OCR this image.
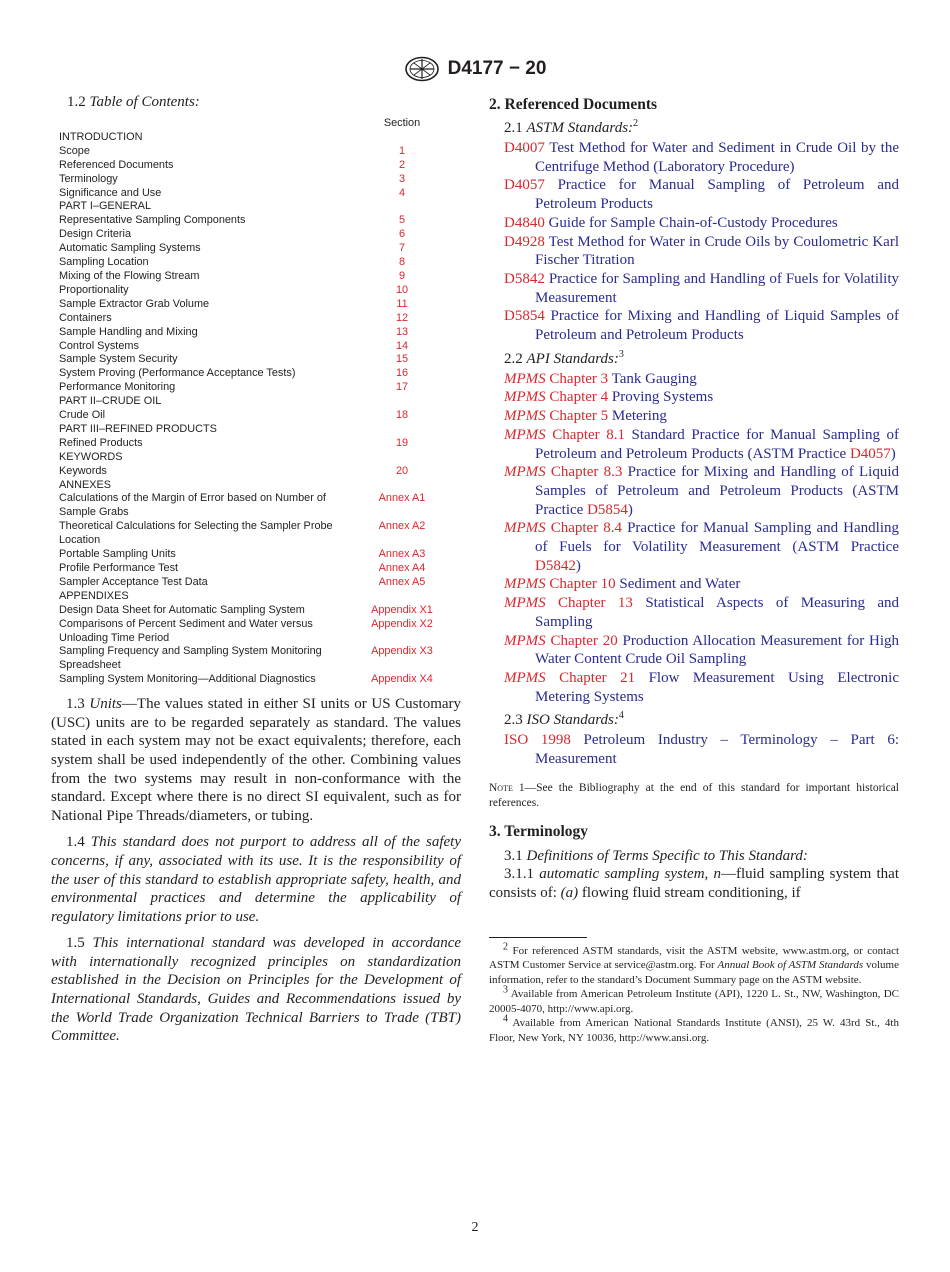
D4177 − 20
1.2 Table of Contents:
	Section
INTRODUCTION	
Scope	1
Referenced Documents	2
Terminology	3
Significance and Use	4
PART I–GENERAL	
Representative Sampling Components	5
Design Criteria	6
Automatic Sampling Systems	7
Sampling Location	8
Mixing of the Flowing Stream	9
Proportionality	10
Sample Extractor Grab Volume	11
Containers	12
Sample Handling and Mixing	13
Control Systems	14
Sample System Security	15
System Proving (Performance Acceptance Tests)	16
Performance Monitoring	17
PART II–CRUDE OIL	
Crude Oil	18
PART III–REFINED PRODUCTS	
Refined Products	19
KEYWORDS	
Keywords	20
ANNEXES	
Calculations of the Margin of Error based on Number of	Annex A1
Sample Grabs	
Theoretical Calculations for Selecting the Sampler Probe	Annex A2
Location	
Portable Sampling Units	Annex A3
Profile Performance Test	Annex A4
Sampler Acceptance Test Data	Annex A5
APPENDIXES	
Design Data Sheet for Automatic Sampling System	Appendix X1
Comparisons of Percent Sediment and Water versus	Appendix X2
Unloading Time Period	
Sampling Frequency and Sampling System Monitoring	Appendix X3
Spreadsheet	
Sampling System Monitoring—Additional Diagnostics	Appendix X4

1.3 Units—The values stated in either SI units or US Customary (USC) units are to be regarded separately as standard. The values stated in each system may not be exact equivalents; therefore, each system shall be used independently of the other. Combining values from the two systems may result in non-conformance with the standard. Except where there is no direct SI equivalent, such as for National Pipe Threads/diameters, or tubing.

1.4 This standard does not purport to address all of the safety concerns, if any, associated with its use. It is the responsibility of the user of this standard to establish appropriate safety, health, and environmental practices and determine the applicability of regulatory limitations prior to use.

1.5 This international standard was developed in accordance with internationally recognized principles on standardization established in the Decision on Principles for the Development of International Standards, Guides and Recommendations issued by the World Trade Organization Technical Barriers to Trade (TBT) Committee.

2. Referenced Documents
2.1 ASTM Standards:$^2$

D4007 Test Method for Water and Sediment in Crude Oil by the Centrifuge Method (Laboratory Procedure)

D4057 Practice for Manual Sampling of Petroleum and Petroleum Products

D4840 Guide for Sample Chain-of-Custody Procedures

D4928 Test Method for Water in Crude Oils by Coulometric Karl Fischer Titration

D5842 Practice for Sampling and Handling of Fuels for Volatility Measurement

D5854 Practice for Mixing and Handling of Liquid Samples of Petroleum and Petroleum Products

2.2 API Standards:$^3$

MPMS Chapter 3 Tank Gauging

MPMS Chapter 4 Proving Systems

MPMS Chapter 5 Metering

MPMS Chapter 8.1 Standard Practice for Manual Sampling of Petroleum and Petroleum Products (ASTM Practice D4057)

MPMS Chapter 8.3 Practice for Mixing and Handling of Liquid Samples of Petroleum and Petroleum Products (ASTM Practice D5854)

MPMS Chapter 8.4 Practice for Manual Sampling and Handling of Fuels for Volatility Measurement (ASTM Practice D5842)

MPMS Chapter 10 Sediment and Water

MPMS Chapter 13 Statistical Aspects of Measuring and Sampling

MPMS Chapter 20 Production Allocation Measurement for High Water Content Crude Oil Sampling

MPMS Chapter 21 Flow Measurement Using Electronic Metering Systems

2.3 ISO Standards:$^4$

ISO 1998 Petroleum Industry – Terminology – Part 6: Measurement

Note 1—See the Bibliography at the end of this standard for important historical references.

3. Terminology

3.1 Definitions of Terms Specific to This Standard:

3.1.1 automatic sampling system, n—fluid sampling system that consists of: (a) flowing fluid stream conditioning, if

$^2$ For referenced ASTM standards, visit the ASTM website, www.astm.org, or contact ASTM Customer Service at service@astm.org. For Annual Book of ASTM Standards volume information, refer to the standard’s Document Summary page on the ASTM website.

$^3$ Available from American Petroleum Institute (API), 1220 L. St., NW, Washington, DC 20005-4070, http://www.api.org.

$^4$ Available from American National Standards Institute (ANSI), 25 W. 43rd St., 4th Floor, New York, NY 10036, http://www.ansi.org.

2
